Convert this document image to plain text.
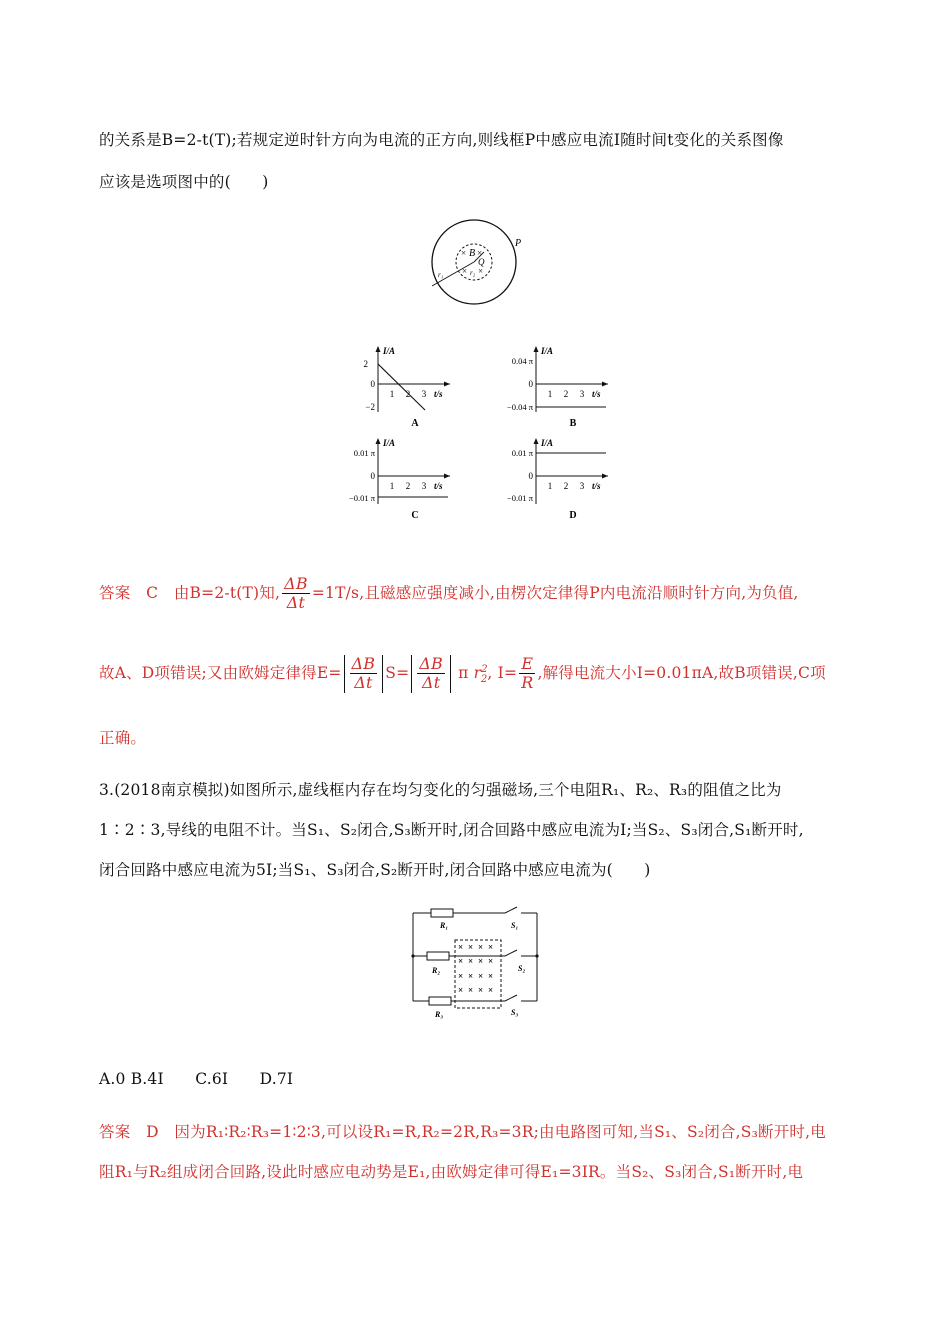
的关系是B=2-t(T);若规定逆时针方向为电流的正方向,则线框P中感应电流I随时间t变化的关系图像
应该是选项图中的(　　)
× B ×
× ×
Q
r₂
r₁
P
I/A
2
0
−2
1 2 3 t/s
A
I/A
0.04 π
0
−0.04 π
1 2 3 t/s
B
I/A
0.01 π
0
−0.01 π
1 2 3 t/s
C
I/A
0.01 π
0
−0.01 π
1 2 3 t/s
D
答案　C　由B=2-t(T)知, $\frac{\Delta B}{\Delta t} =1T/s$,且磁感应强度减小,由楞次定律得P内电流沿顺时针方向,为负值,
故A、D项错误;又由欧姆定律得$E= \frac{\Delta B}{\Delta t} S= \frac{\Delta B}{\Delta t}$ π $r^2_2$, $I= \frac{E}{R}$ ,解得电流大小I=0.01πA,故B项错误,C项
正确。
3.(2018南京模拟)如图所示,虚线框内存在均匀变化的匀强磁场,三个电阻R₁、R₂、R₃的阻值之比为
1∶2∶3,导线的电阻不计。当S₁、S₂闭合,S₃断开时,闭合回路中感应电流为I;当S₂、S₃闭合,S₁断开时,
闭合回路中感应电流为5I;当S₁、S₃闭合,S₂断开时,闭合回路中感应电流为(　　)
R₁	S₁
R₂	S₂
R₃	S₃
× × × ×
× × × ×
× × × ×
× × × ×
A.0 B.4I　　C.6I　　D.7I
答案　D　因为R₁∶R₂∶R₃=1∶2∶3,可以设R₁=R,R₂=2R,R₃=3R;由电路图可知,当S₁、S₂闭合,S₃断开时,电
阻R₁与R₂组成闭合回路,设此时感应电动势是E₁,由欧姆定律可得E₁=3IR。当S₂、S₃闭合,S₁断开时,电
